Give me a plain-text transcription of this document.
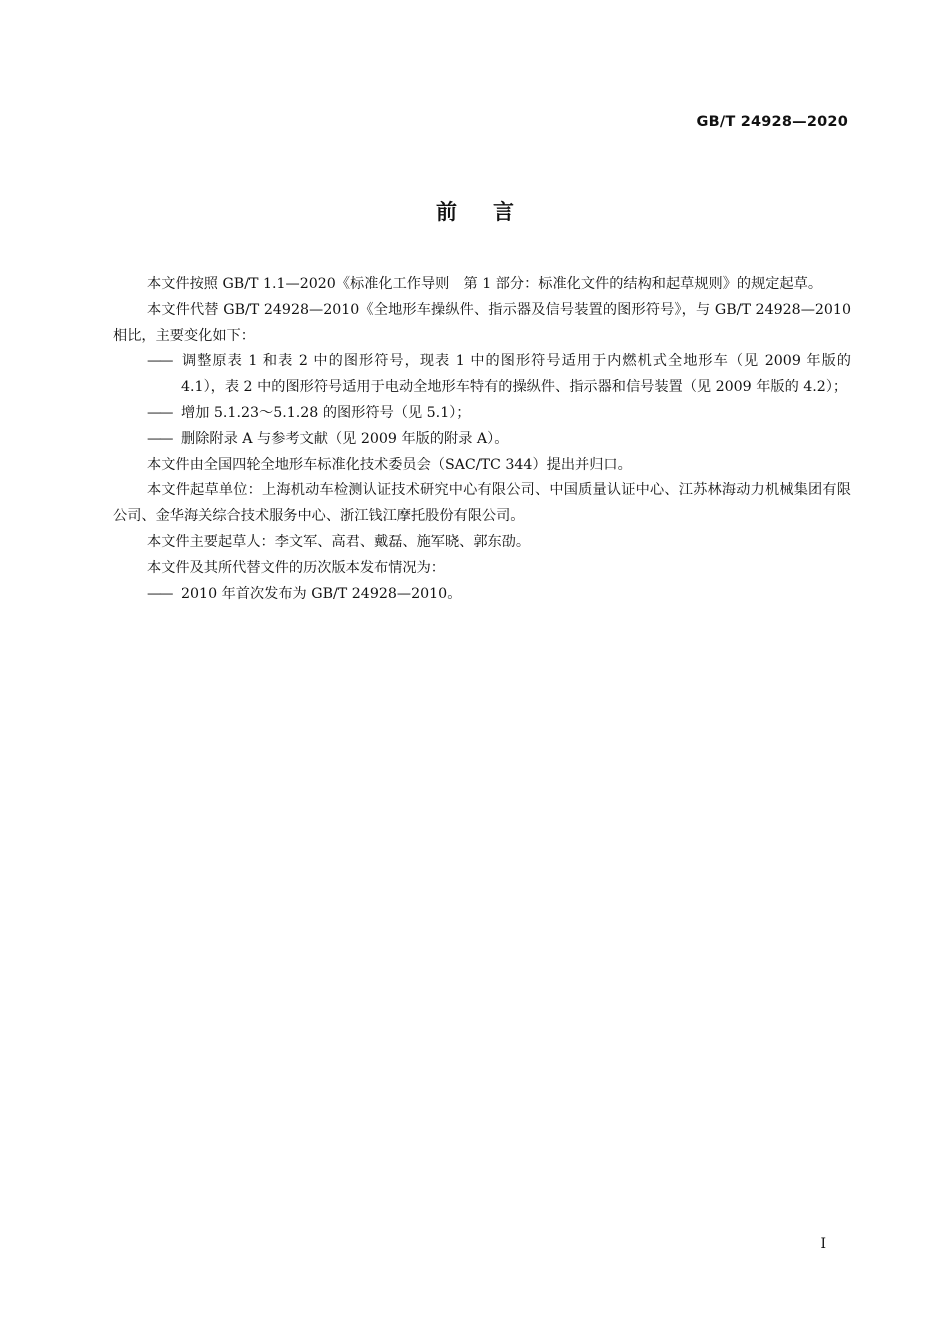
GB/T 24928—2020
前言

本文件按照 GB/T 1.1—2020《标准化工作导则　第 1 部分：标准化文件的结构和起草规则》的规定起草。

本文件代替 GB/T 24928—2010《全地形车操纵件、指示器及信号装置的图形符号》，与 GB/T 24928—2010 相比，主要变化如下：

—— 调整原表 1 和表 2 中的图形符号，现表 1 中的图形符号适用于内燃机式全地形车（见 2009 年版的 4.1），表 2 中的图形符号适用于电动全地形车特有的操纵件、指示器和信号装置（见 2009 年版的 4.2）；

—— 增加 5.1.23～5.1.28 的图形符号（见 5.1）；

—— 删除附录 A 与参考文献（见 2009 年版的附录 A）。

本文件由全国四轮全地形车标准化技术委员会（SAC/TC 344）提出并归口。

本文件起草单位：上海机动车检测认证技术研究中心有限公司、中国质量认证中心、江苏林海动力机械集团有限公司、金华海关综合技术服务中心、浙江钱江摩托股份有限公司。

本文件主要起草人：李文军、高君、戴磊、施军晓、郭东劭。

本文件及其所代替文件的历次版本发布情况为：

—— 2010 年首次发布为 GB/T 24928—2010。

I
